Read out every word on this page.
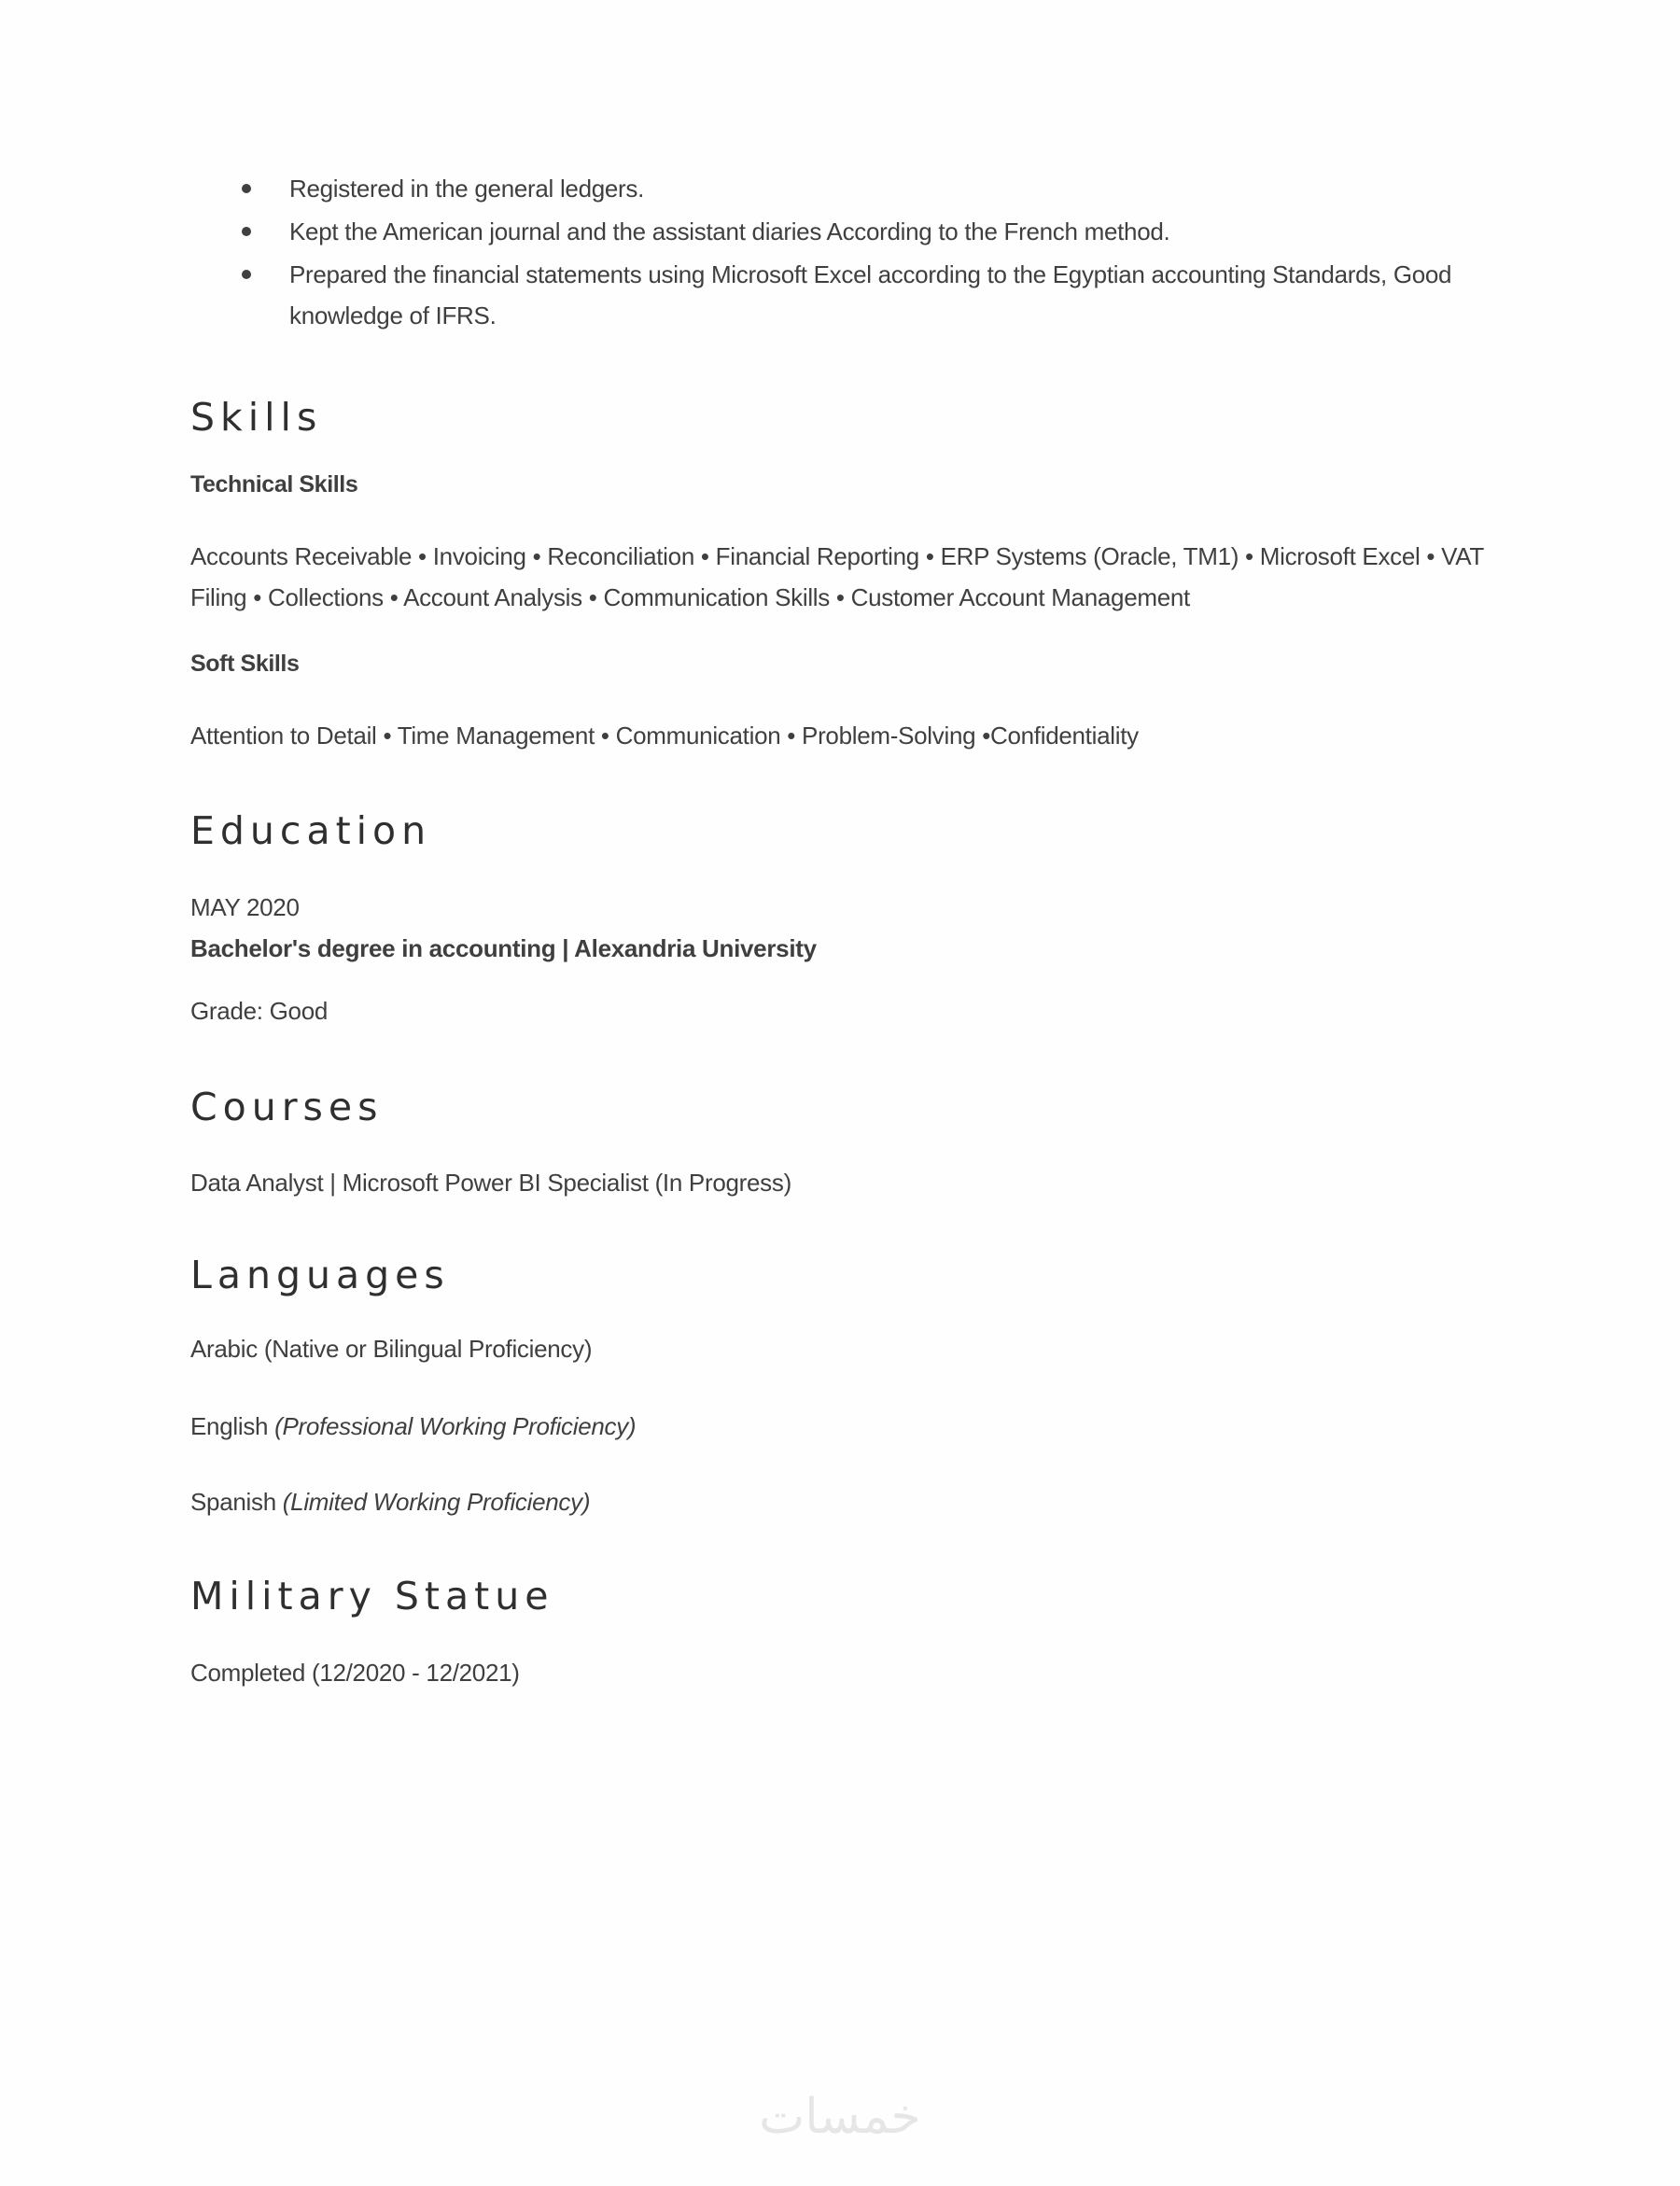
Registered in the general ledgers.
Kept the American journal and the assistant diaries According to the French method.
Prepared the financial statements using Microsoft Excel according to the Egyptian accounting Standards, Good knowledge of IFRS.
Skills
Technical Skills
Accounts Receivable • Invoicing • Reconciliation • Financial Reporting • ERP Systems (Oracle, TM1) • Microsoft Excel • VAT Filing • Collections • Account Analysis • Communication Skills • Customer Account Management
Soft Skills
Attention to Detail • Time Management • Communication • Problem-Solving •Confidentiality
Education
MAY 2020
Bachelor's degree in accounting | Alexandria University
Grade: Good
Courses
Data Analyst | Microsoft Power BI Specialist (In Progress)
Languages
Arabic (Native or Bilingual Proficiency)
English (Professional Working Proficiency)
Spanish (Limited Working Proficiency)
Military Statue
Completed (12/2020 - 12/2021)
خمسات
